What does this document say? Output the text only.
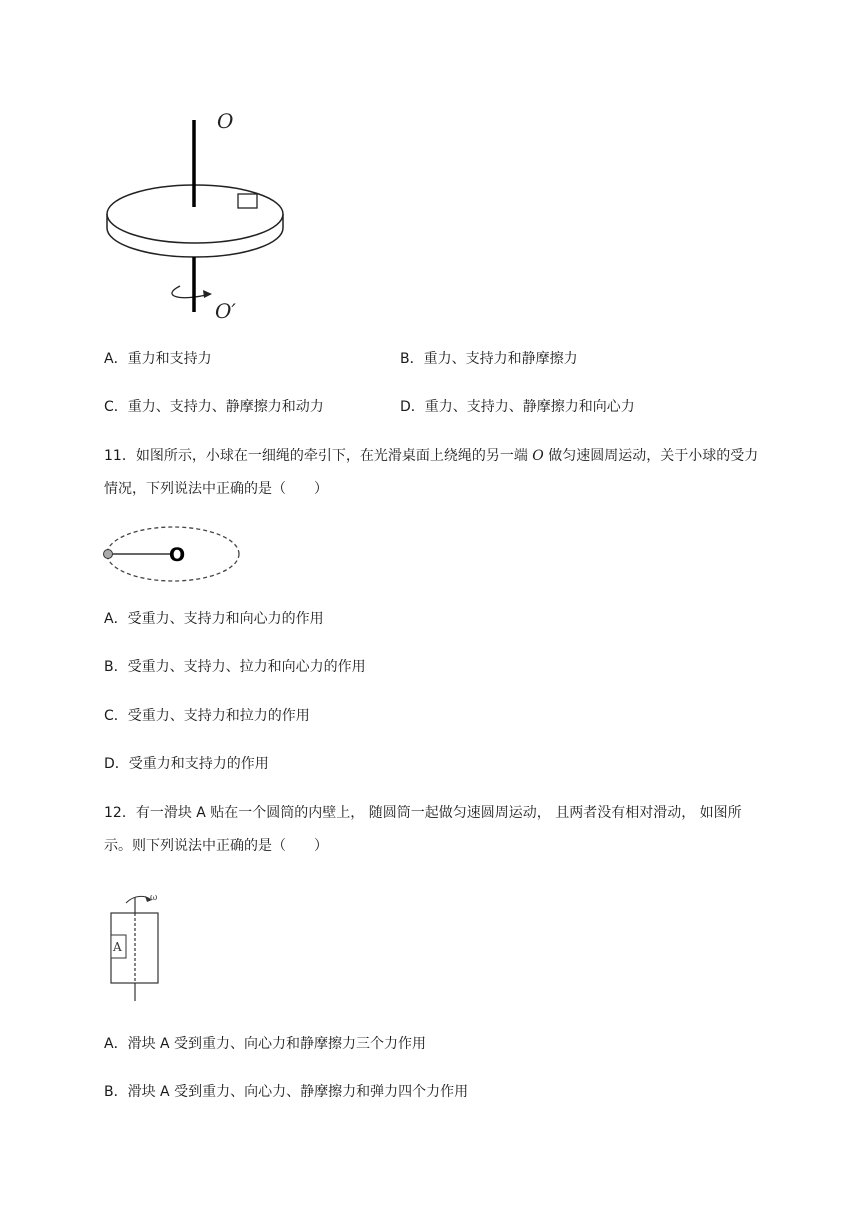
O
O′
A．重力和支持力	B．重力、支持力和静摩擦力
C．重力、支持力、静摩擦力和动力	D．重力、支持力、静摩擦力和向心力
11．如图所示，小球在一细绳的牵引下，在光滑桌面上绕绳的另一端 O 做匀速圆周运动，关于小球的受力情况，下列说法中正确的是（　　）
O
A．受重力、支持力和向心力的作用
B．受重力、支持力、拉力和向心力的作用
C．受重力、支持力和拉力的作用
D．受重力和支持力的作用
12．有一滑块 A 贴在一个圆筒的内壁上， 随圆筒一起做匀速圆周运动， 且两者没有相对滑动， 如图所示。则下列说法中正确的是（　　）
ω
A
A．滑块 A 受到重力、向心力和静摩擦力三个力作用
B．滑块 A 受到重力、向心力、静摩擦力和弹力四个力作用
